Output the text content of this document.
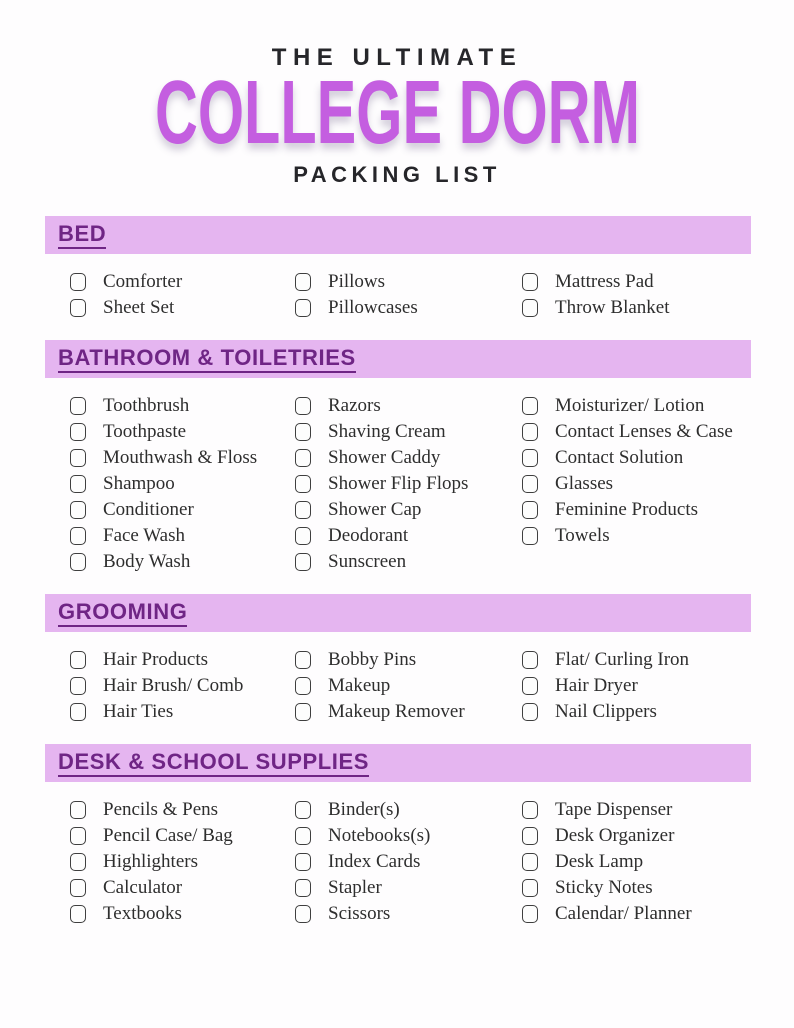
THE ULTIMATE
COLLEGE DORM
PACKING LIST
BED
Comforter
Sheet Set
Pillows
Pillowcases
Mattress Pad
Throw Blanket
BATHROOM & TOILETRIES
Toothbrush
Toothpaste
Mouthwash & Floss
Shampoo
Conditioner
Face Wash
Body Wash
Razors
Shaving Cream
Shower Caddy
Shower Flip Flops
Shower Cap
Deodorant
Sunscreen
Moisturizer/ Lotion
Contact Lenses & Case
Contact Solution
Glasses
Feminine Products
Towels
GROOMING
Hair Products
Hair Brush/ Comb
Hair Ties
Bobby Pins
Makeup
Makeup Remover
Flat/ Curling Iron
Hair Dryer
Nail Clippers
DESK & SCHOOL SUPPLIES
Pencils & Pens
Pencil Case/ Bag
Highlighters
Calculator
Textbooks
Binder(s)
Notebooks(s)
Index Cards
Stapler
Scissors
Tape Dispenser
Desk Organizer
Desk Lamp
Sticky Notes
Calendar/ Planner
